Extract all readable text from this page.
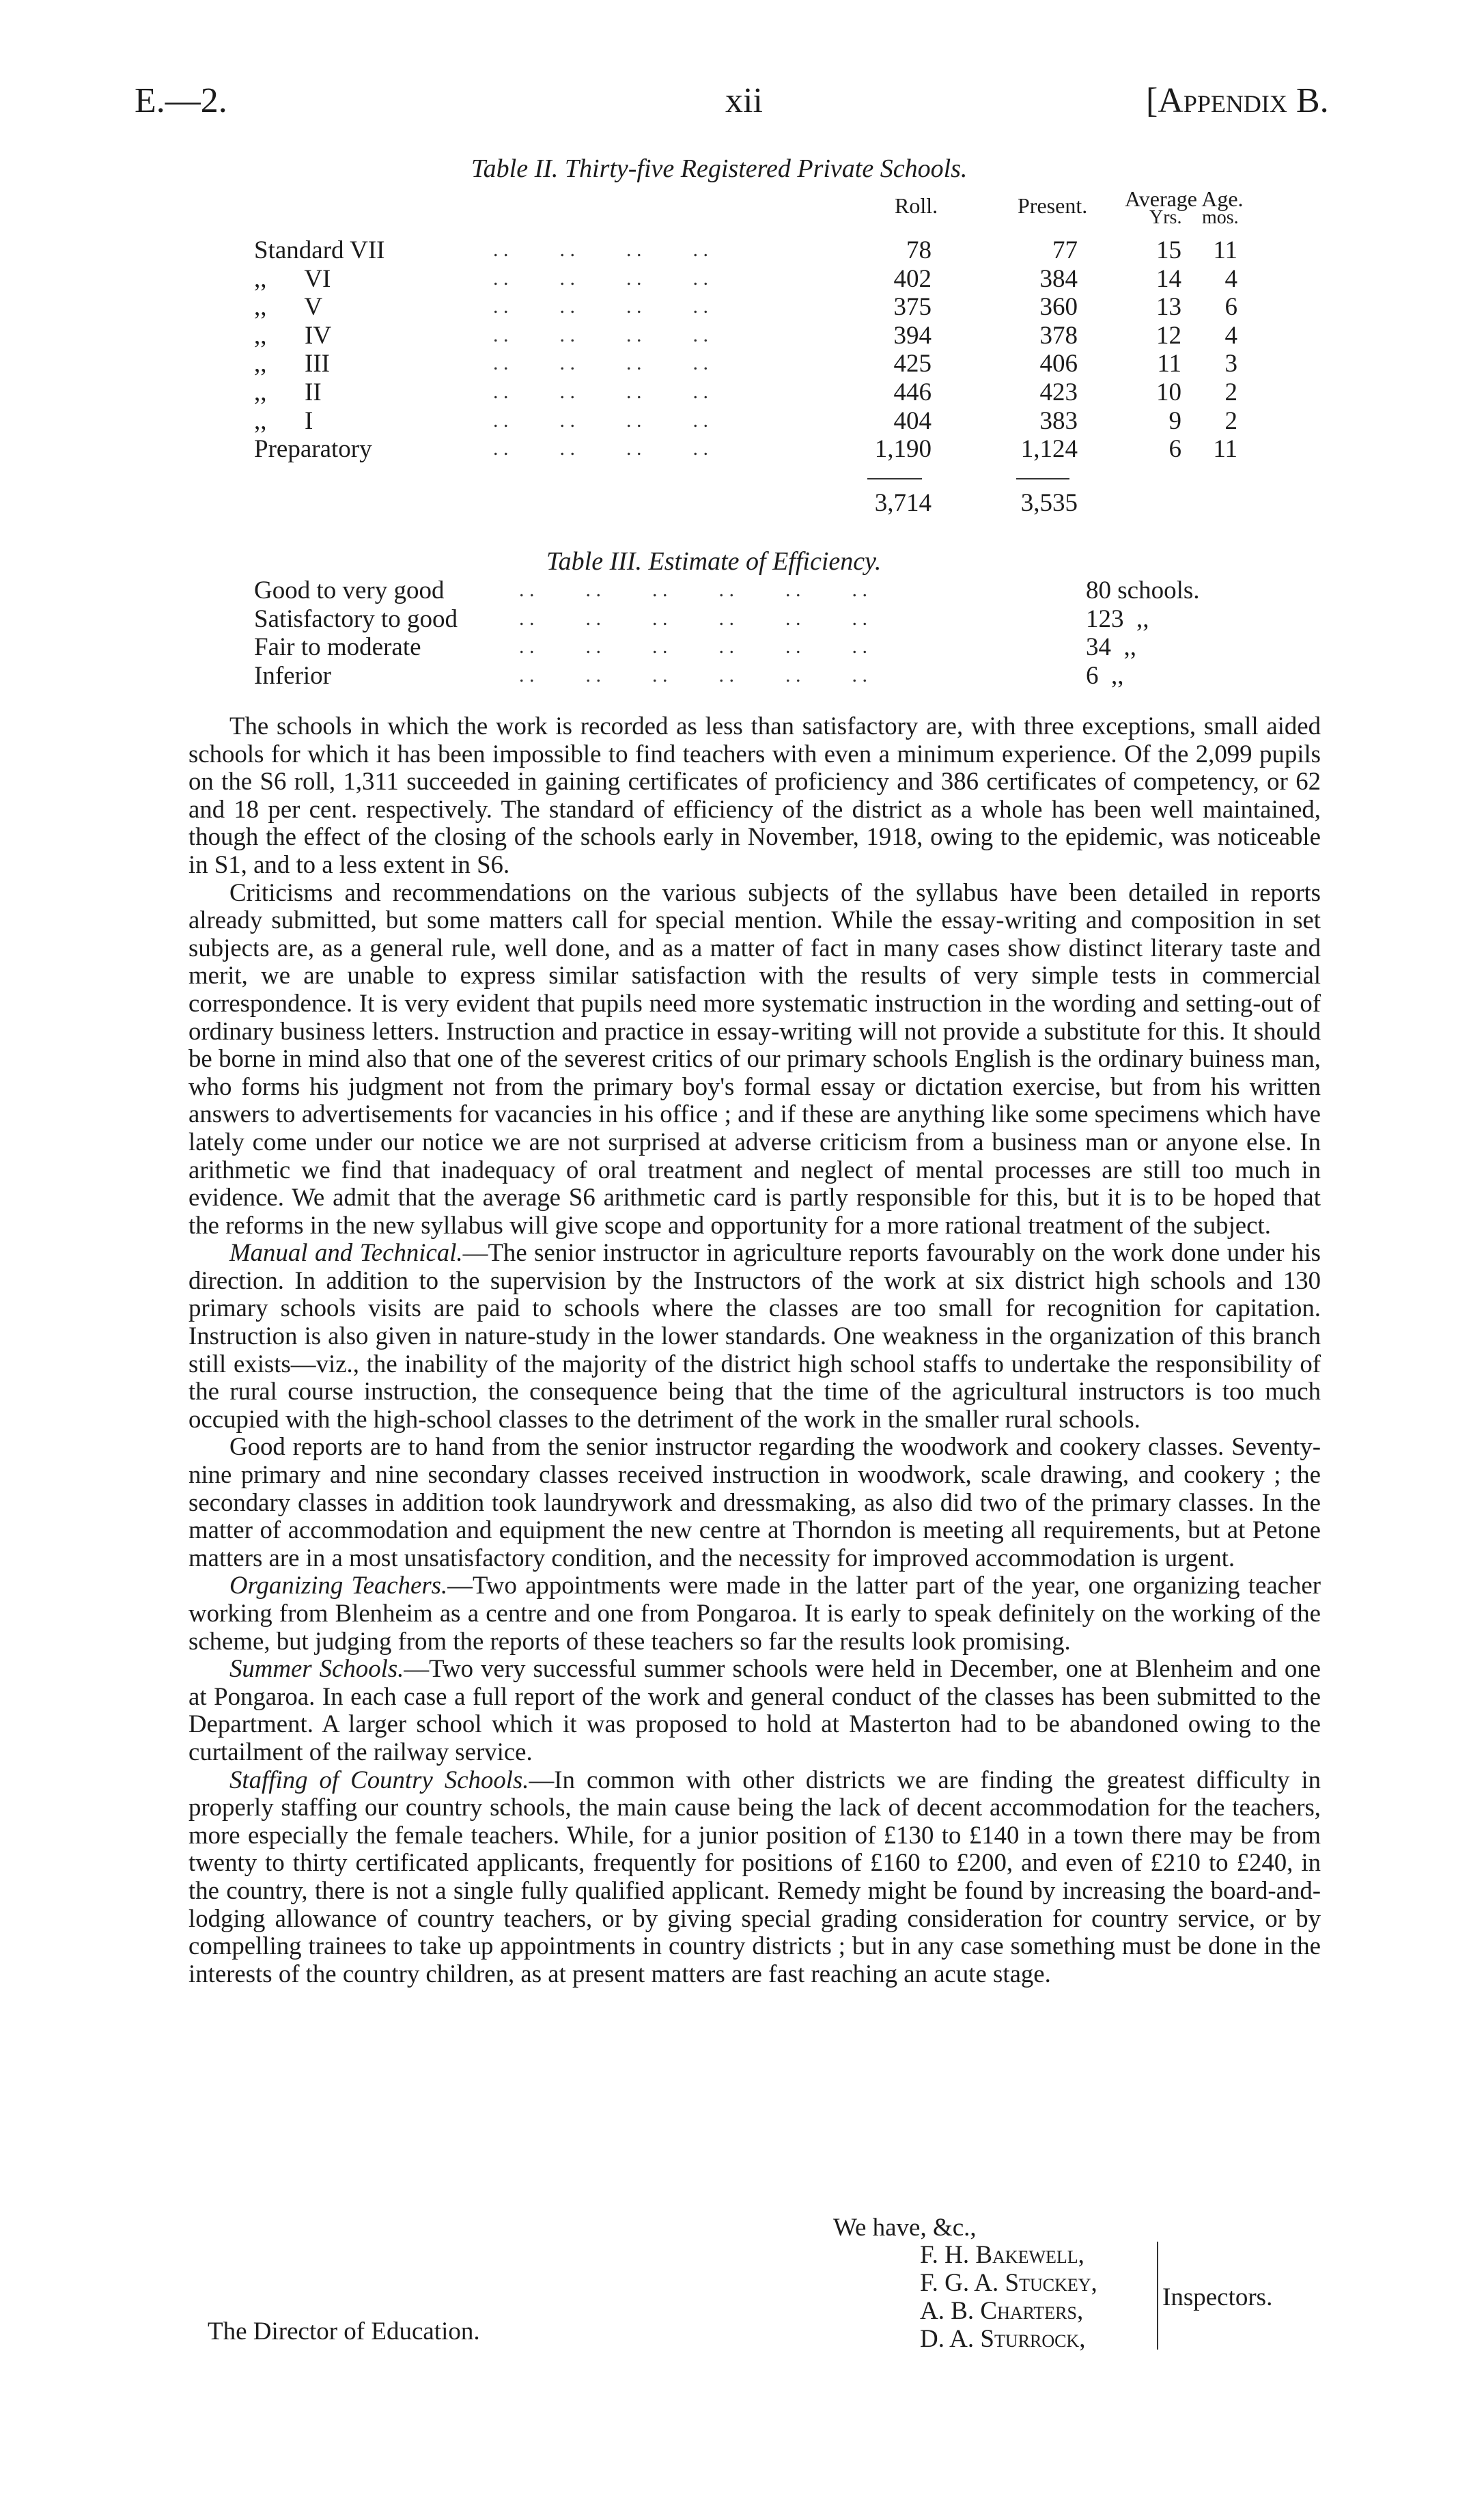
E.—2.	xii	[Appendix B.
Table II. Thirty-five Registered Private Schools.
Roll.	Present. Average Age.
Yrs. mos.
Standard VII	. .          . .          . .          . .	78	77	15	11
,,      VI	. .          . .          . .          . .	402	384	14	4
,,      V	. .          . .          . .          . .	375	360	13	6
,,      IV	. .          . .          . .          . .	394	378	12	4
,,      III	. .          . .          . .          . .	425	406	11	3
,,      II	. .          . .          . .          . .	446	423	10	2
,,      I	. .          . .          . .          . .	404	383	9	2
Preparatory	. .          . .          . .          . .	1,190	1,124	6	11
3,714	3,535
Table III. Estimate of Efficiency.
Good to very good	. .          . .          . .          . .          . .          . .	80 schools.
Satisfactory to good	. .          . .          . .          . .          . .          . .	123  ,,
Fair to moderate	. .          . .          . .          . .          . .          . .	34  ,,
Inferior	. .          . .          . .          . .          . .          . .	6  ,,

The schools in which the work is recorded as less than satisfactory are, with three exceptions, small aided schools for which it has been impossible to find teachers with even a minimum experience. Of the 2,099 pupils on the S6 roll, 1,311 succeeded in gaining certificates of proficiency and 386 certificates of competency, or 62 and 18 per cent. respectively. The standard of efficiency of the district as a whole has been well maintained, though the effect of the closing of the schools early in November, 1918, owing to the epidemic, was noticeable in S1, and to a less extent in S6.

Criticisms and recommendations on the various subjects of the syllabus have been detailed in reports already submitted, but some matters call for special mention. While the essay-writing and composition in set subjects are, as a general rule, well done, and as a matter of fact in many cases show distinct literary taste and merit, we are unable to express similar satisfaction with the results of very simple tests in commercial correspondence. It is very evident that pupils need more systematic instruction in the wording and setting-out of ordinary business letters. Instruction and practice in essay-writing will not provide a substitute for this. It should be borne in mind also that one of the severest critics of our primary schools English is the ordinary buiness man, who forms his judgment not from the primary boy's formal essay or dictation exercise, but from his written answers to advertisements for vacancies in his office ; and if these are anything like some specimens which have lately come under our notice we are not surprised at adverse criticism from a business man or anyone else. In arithmetic we find that inadequacy of oral treatment and neglect of mental processes are still too much in evidence. We admit that the average S6 arithmetic card is partly responsible for this, but it is to be hoped that the reforms in the new syllabus will give scope and opportunity for a more rational treatment of the subject.

Manual and Technical.—The senior instructor in agriculture reports favourably on the work done under his direction. In addition to the supervision by the Instructors of the work at six district high schools and 130 primary schools visits are paid to schools where the classes are too small for recognition for capitation. Instruction is also given in nature-study in the lower standards. One weakness in the organization of this branch still exists—viz., the inability of the majority of the district high school staffs to undertake the responsibility of the rural course instruction, the consequence being that the time of the agricultural instructors is too much occupied with the high-school classes to the detriment of the work in the smaller rural schools.

Good reports are to hand from the senior instructor regarding the woodwork and cookery classes. Seventy-nine primary and nine secondary classes received instruction in woodwork, scale drawing, and cookery ; the secondary classes in addition took laundrywork and dressmaking, as also did two of the primary classes. In the matter of accommodation and equipment the new centre at Thorndon is meeting all requirements, but at Petone matters are in a most unsatisfactory condition, and the necessity for improved accommodation is urgent.

Organizing Teachers.—Two appointments were made in the latter part of the year, one organizing teacher working from Blenheim as a centre and one from Pongaroa. It is early to speak definitely on the working of the scheme, but judging from the reports of these teachers so far the results look promising.

Summer Schools.—Two very successful summer schools were held in December, one at Blenheim and one at Pongaroa. In each case a full report of the work and general conduct of the classes has been submitted to the Department. A larger school which it was proposed to hold at Masterton had to be abandoned owing to the curtailment of the railway service.

Staffing of Country Schools.—In common with other districts we are finding the greatest difficulty in properly staffing our country schools, the main cause being the lack of decent accommodation for the teachers, more especially the female teachers. While, for a junior position of £130 to £140 in a town there may be from twenty to thirty certificated applicants, frequently for positions of £160 to £200, and even of £210 to £240, in the country, there is not a single fully qualified applicant. Remedy might be found by increasing the board-and-lodging allowance of country teachers, or by giving special grading consideration for country service, or by compelling trainees to take up appointments in country districts ; but in any case something must be done in the interests of the country children, as at present matters are fast reaching an acute stage.

We have, &c.,
F. H. Bakewell,
F. G. A. Stuckey,
A. B. Charters,
D. A. Sturrock,
Inspectors.
The Director of Education.
